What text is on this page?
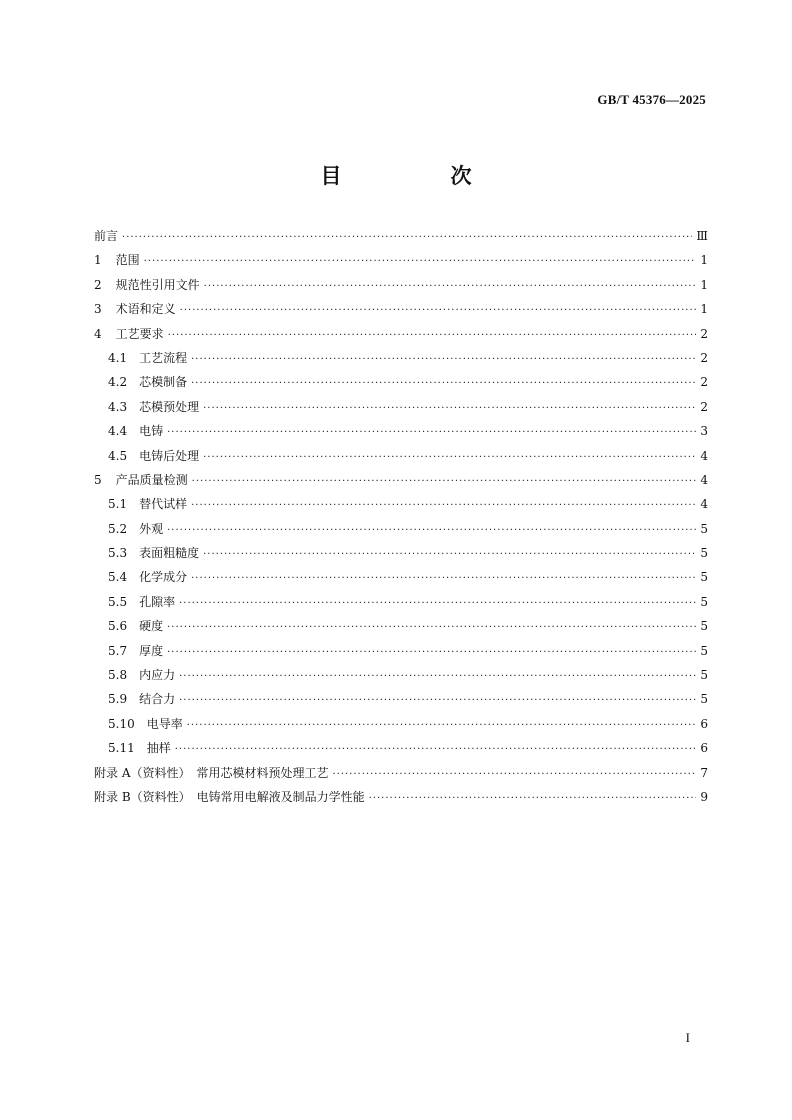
GB/T 45376—2025
目　次
前言 ·····	Ⅲ
1 范围 ·····	1
2 规范性引用文件 ·····	1
3 术语和定义 ·····	1
4 工艺要求 ·····	2
4.1 工艺流程 ·····	2
4.2 芯模制备 ·····	2
4.3 芯模预处理 ·····	2
4.4 电铸 ·····	3
4.5 电铸后处理 ·····	4
5 产品质量检测 ·····	4
5.1 替代试样 ·····	4
5.2 外观 ·····	5
5.3 表面粗糙度 ·····	5
5.4 化学成分 ·····	5
5.5 孔隙率 ·····	5
5.6 硬度 ·····	5
5.7 厚度 ·····	5
5.8 内应力 ·····	5
5.9 结合力 ·····	5
5.10 电导率 ·····	6
5.11 抽样 ·····	6
附录 A（资料性）　常用芯模材料预处理工艺 ·····	7
附录 B（资料性）　电铸常用电解液及制品力学性能 ·····	9
I
